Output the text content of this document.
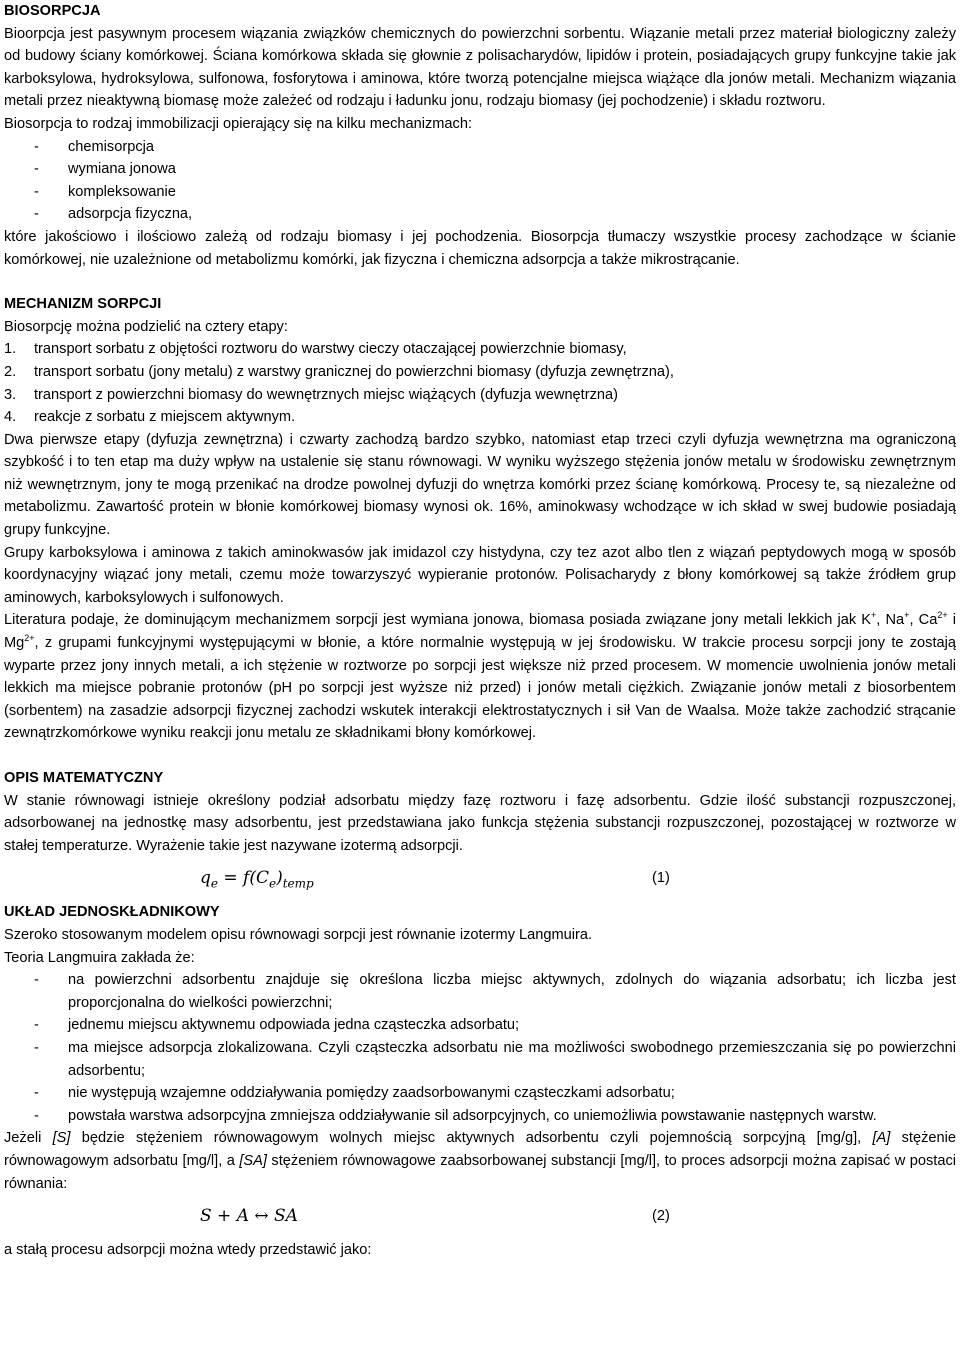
BIOSORPCJA

Bioorpcja jest pasywnym procesem wiązania związków chemicznych do powierzchni sorbentu. Wiązanie metali przez materiał biologiczny zależy od budowy ściany komórkowej. Ściana komórkowa składa się głownie z polisacharydów, lipidów i protein, posiadających grupy funkcyjne takie jak karboksylowa, hydroksylowa, sulfonowa, fosforytowa i aminowa, które tworzą potencjalne miejsca wiążące dla jonów metali. Mechanizm wiązania metali przez nieaktywną biomasę może zależeć od rodzaju i ładunku jonu, rodzaju biomasy (jej pochodzenie) i składu roztworu.

Biosorpcja to rodzaj immobilizacji opierający się na kilku mechanizmach:

- chemisorpcja
- wymiana jonowa
- kompleksowanie
- adsorpcja fizyczna,

które jakościowo i ilościowo zależą od rodzaju biomasy i jej pochodzenia. Biosorpcja tłumaczy wszystkie procesy zachodzące w ścianie komórkowej, nie uzależnione od metabolizmu komórki, jak fizyczna i chemiczna adsorpcja a także mikrostrącanie.

MECHANIZM SORPCJI

Biosorpcję można podzielić na cztery etapy:

1. transport sorbatu z objętości roztworu do warstwy cieczy otaczającej powierzchnie biomasy,
2. transport sorbatu (jony metalu) z warstwy granicznej do powierzchni biomasy (dyfuzja zewnętrzna),
3. transport z powierzchni biomasy do wewnętrznych miejsc wiążących (dyfuzja wewnętrzna)
4. reakcje z sorbatu z miejscem aktywnym.

Dwa pierwsze etapy (dyfuzja zewnętrzna) i czwarty zachodzą bardzo szybko, natomiast etap trzeci czyli dyfuzja wewnętrzna ma ograniczoną szybkość i to ten etap ma duży wpływ na ustalenie się stanu równowagi. W wyniku wyższego stężenia jonów metalu w środowisku zewnętrznym niż wewnętrznym, jony te mogą przenikać na drodze powolnej dyfuzji do wnętrza komórki przez ścianę komórkową. Procesy te, są niezależne od metabolizmu. Zawartość protein w błonie komórkowej biomasy wynosi ok. 16%, aminokwasy wchodzące w ich skład w swej budowie posiadają grupy funkcyjne.

Grupy karboksylowa i aminowa z takich aminokwasów jak imidazol czy histydyna, czy tez azot albo tlen z wiązań peptydowych mogą w sposób koordynacyjny wiązać jony metali, czemu może towarzyszyć wypieranie protonów. Polisacharydy z błony komórkowej są także źródłem grup aminowych, karboksylowych i sulfonowych.

Literatura podaje, że dominującym mechanizmem sorpcji jest wymiana jonowa, biomasa posiada związane jony metali lekkich jak K+, Na+, $Ca^{2+}$ i $Mg^{2+}$, z grupami funkcyjnymi występującymi w błonie, a które normalnie występują w jej środowisku. W trakcie procesu sorpcji jony te zostają wyparte przez jony innych metali, a ich stężenie w roztworze po sorpcji jest większe niż przed procesem. W momencie uwolnienia jonów metali lekkich ma miejsce pobranie protonów (pH po sorpcji jest wyższe niż przed) i jonów metali ciężkich. Związanie jonów metali z biosorbentem (sorbentem) na zasadzie adsorpcji fizycznej zachodzi wskutek interakcji elektrostatycznych i sił Van de Waalsa. Może także zachodzić strącanie zewnątrzkomórkowe wyniku reakcji jonu metalu ze składnikami błony komórkowej.

OPIS MATEMATYCZNY

W stanie równowagi istnieje określony podział adsorbatu między fazę roztworu i fazę adsorbentu. Gdzie ilość substancji rozpuszczonej, adsorbowanej na jednostkę masy adsorbentu, jest przedstawiana jako funkcja stężenia substancji rozpuszczonej, pozostającej w roztworze w stałej temperaturze. Wyrażenie takie jest nazywane izotermą adsorpcji.

$q_e = f(C_e)_{temp}$	(1)
UKŁAD JEDNOSKŁADNIKOWY

Szeroko stosowanym modelem opisu równowagi sorpcji jest równanie izotermy Langmuira.

Teoria Langmuira zakłada że:

- na powierzchni adsorbentu znajduje się określona liczba miejsc aktywnych, zdolnych do wiązania adsorbatu; ich liczba jest proporcjonalna do wielkości powierzchni;
- jednemu miejscu aktywnemu odpowiada jedna cząsteczka adsorbatu;
- ma miejsce adsorpcja zlokalizowana. Czyli cząsteczka adsorbatu nie ma możliwości swobodnego przemieszczania się po powierzchni adsorbentu;
- nie występują wzajemne oddziaływania pomiędzy zaadsorbowanymi cząsteczkami adsorbatu;
- powstała warstwa adsorpcyjna zmniejsza oddziaływanie sil adsorpcyjnych, co uniemożliwia powstawanie następnych warstw.

Jeżeli [S] będzie stężeniem równowagowym wolnych miejsc aktywnych adsorbentu czyli pojemnością sorpcyjną [mg/g], [A] stężenie równowagowym adsorbatu [mg/l], a [SA] stężeniem równowagowe zaabsorbowanej substancji [mg/l], to proces adsorpcji można zapisać w postaci równania:

S + A ↔ SA	(2)

a stałą procesu adsorpcji można wtedy przedstawić jako:
